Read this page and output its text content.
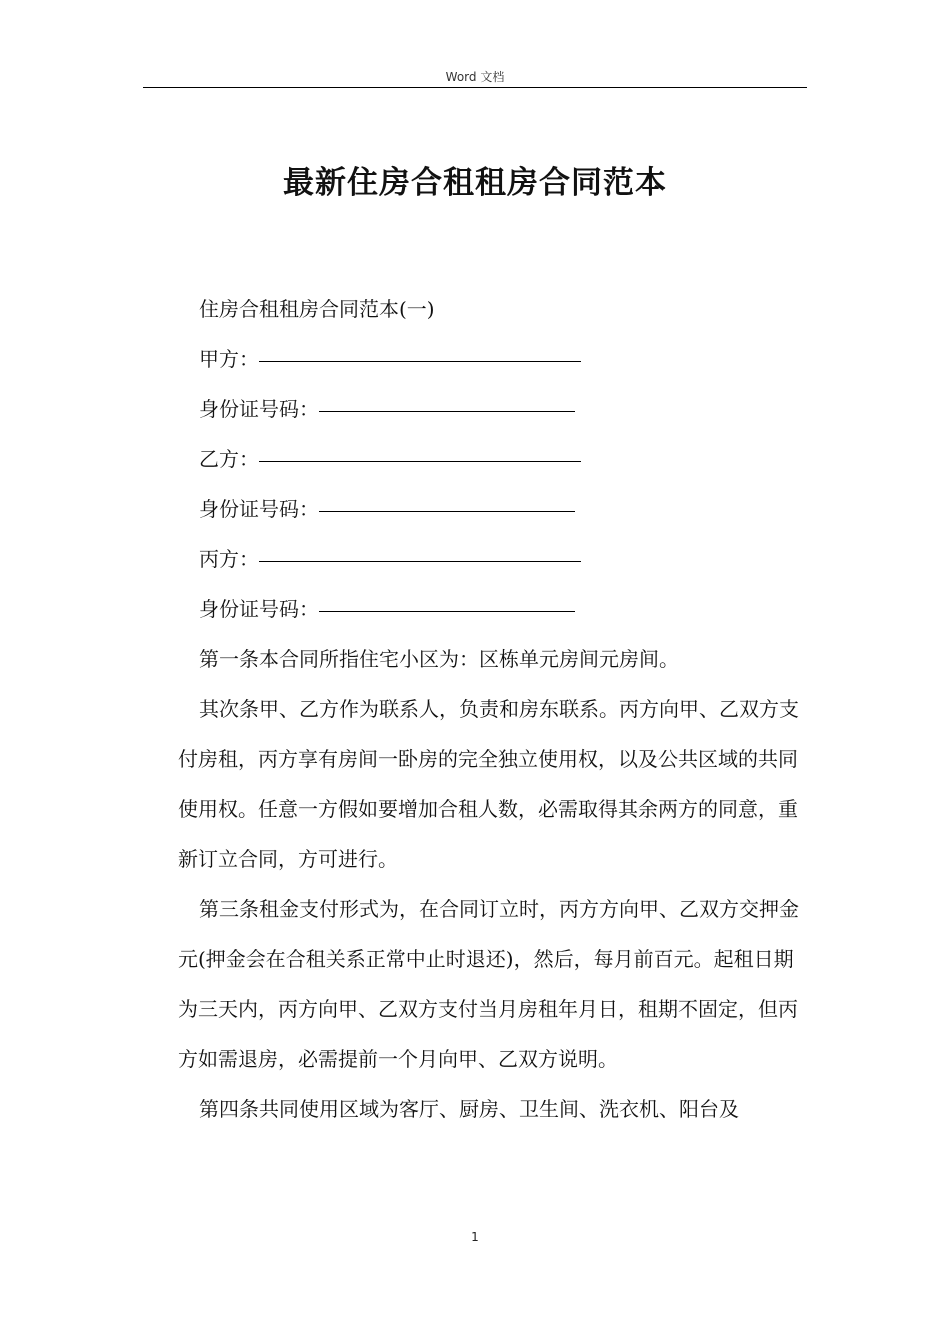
Word 文档
最新住房合租租房合同范本

住房合租租房合同范本(一)

甲方：

身份证号码：

乙方：

身份证号码：

丙方：

身份证号码：

第一条本合同所指住宅小区为：区栋单元房间元房间。

其次条甲、乙方作为联系人，负责和房东联系。丙方向甲、乙双方支付房租，丙方享有房间一卧房的完全独立使用权，以及公共区域的共同使用权。任意一方假如要增加合租人数，必需取得其余两方的同意，重新订立合同，方可进行。

第三条租金支付形式为，在合同订立时，丙方方向甲、乙双方交押金元(押金会在合租关系正常中止时退还)，然后，每月前百元。起租日期为三天内，丙方向甲、乙双方支付当月房租年月日，租期不固定，但丙方如需退房，必需提前一个月向甲、乙双方说明。

第四条共同使用区域为客厅、厨房、卫生间、洗衣机、阳台及

1
